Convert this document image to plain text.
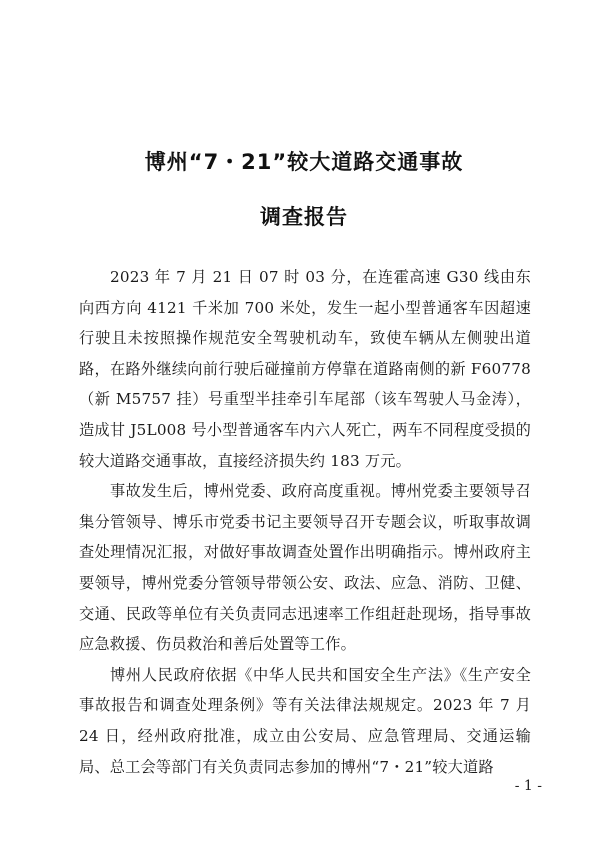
博州“7・21”较大道路交通事故
调查报告

2023 年 7 月 21 日 07 时 03 分，在连霍高速 G30 线由东向西方向 4121 千米加 700 米处，发生一起小型普通客车因超速行驶且未按照操作规范安全驾驶机动车，致使车辆从左侧驶出道路，在路外继续向前行驶后碰撞前方停靠在道路南侧的新 F60778（新 M5757 挂）号重型半挂牵引车尾部（该车驾驶人马金涛），造成甘 J5L008 号小型普通客车内六人死亡，两车不同程度受损的较大道路交通事故，直接经济损失约 183 万元。

事故发生后，博州党委、政府高度重视。博州党委主要领导召集分管领导、博乐市党委书记主要领导召开专题会议，听取事故调查处理情况汇报，对做好事故调查处置作出明确指示。博州政府主要领导，博州党委分管领导带领公安、政法、应急、消防、卫健、交通、民政等单位有关负责同志迅速率工作组赶赴现场，指导事故应急救援、伤员救治和善后处置等工作。

博州人民政府依据《中华人民共和国安全生产法》《生产安全事故报告和调查处理条例》等有关法律法规规定。2023 年 7 月 24 日，经州政府批准，成立由公安局、应急管理局、交通运输局、总工会等部门有关负责同志参加的博州“7・21”较大道路

- 1 -
